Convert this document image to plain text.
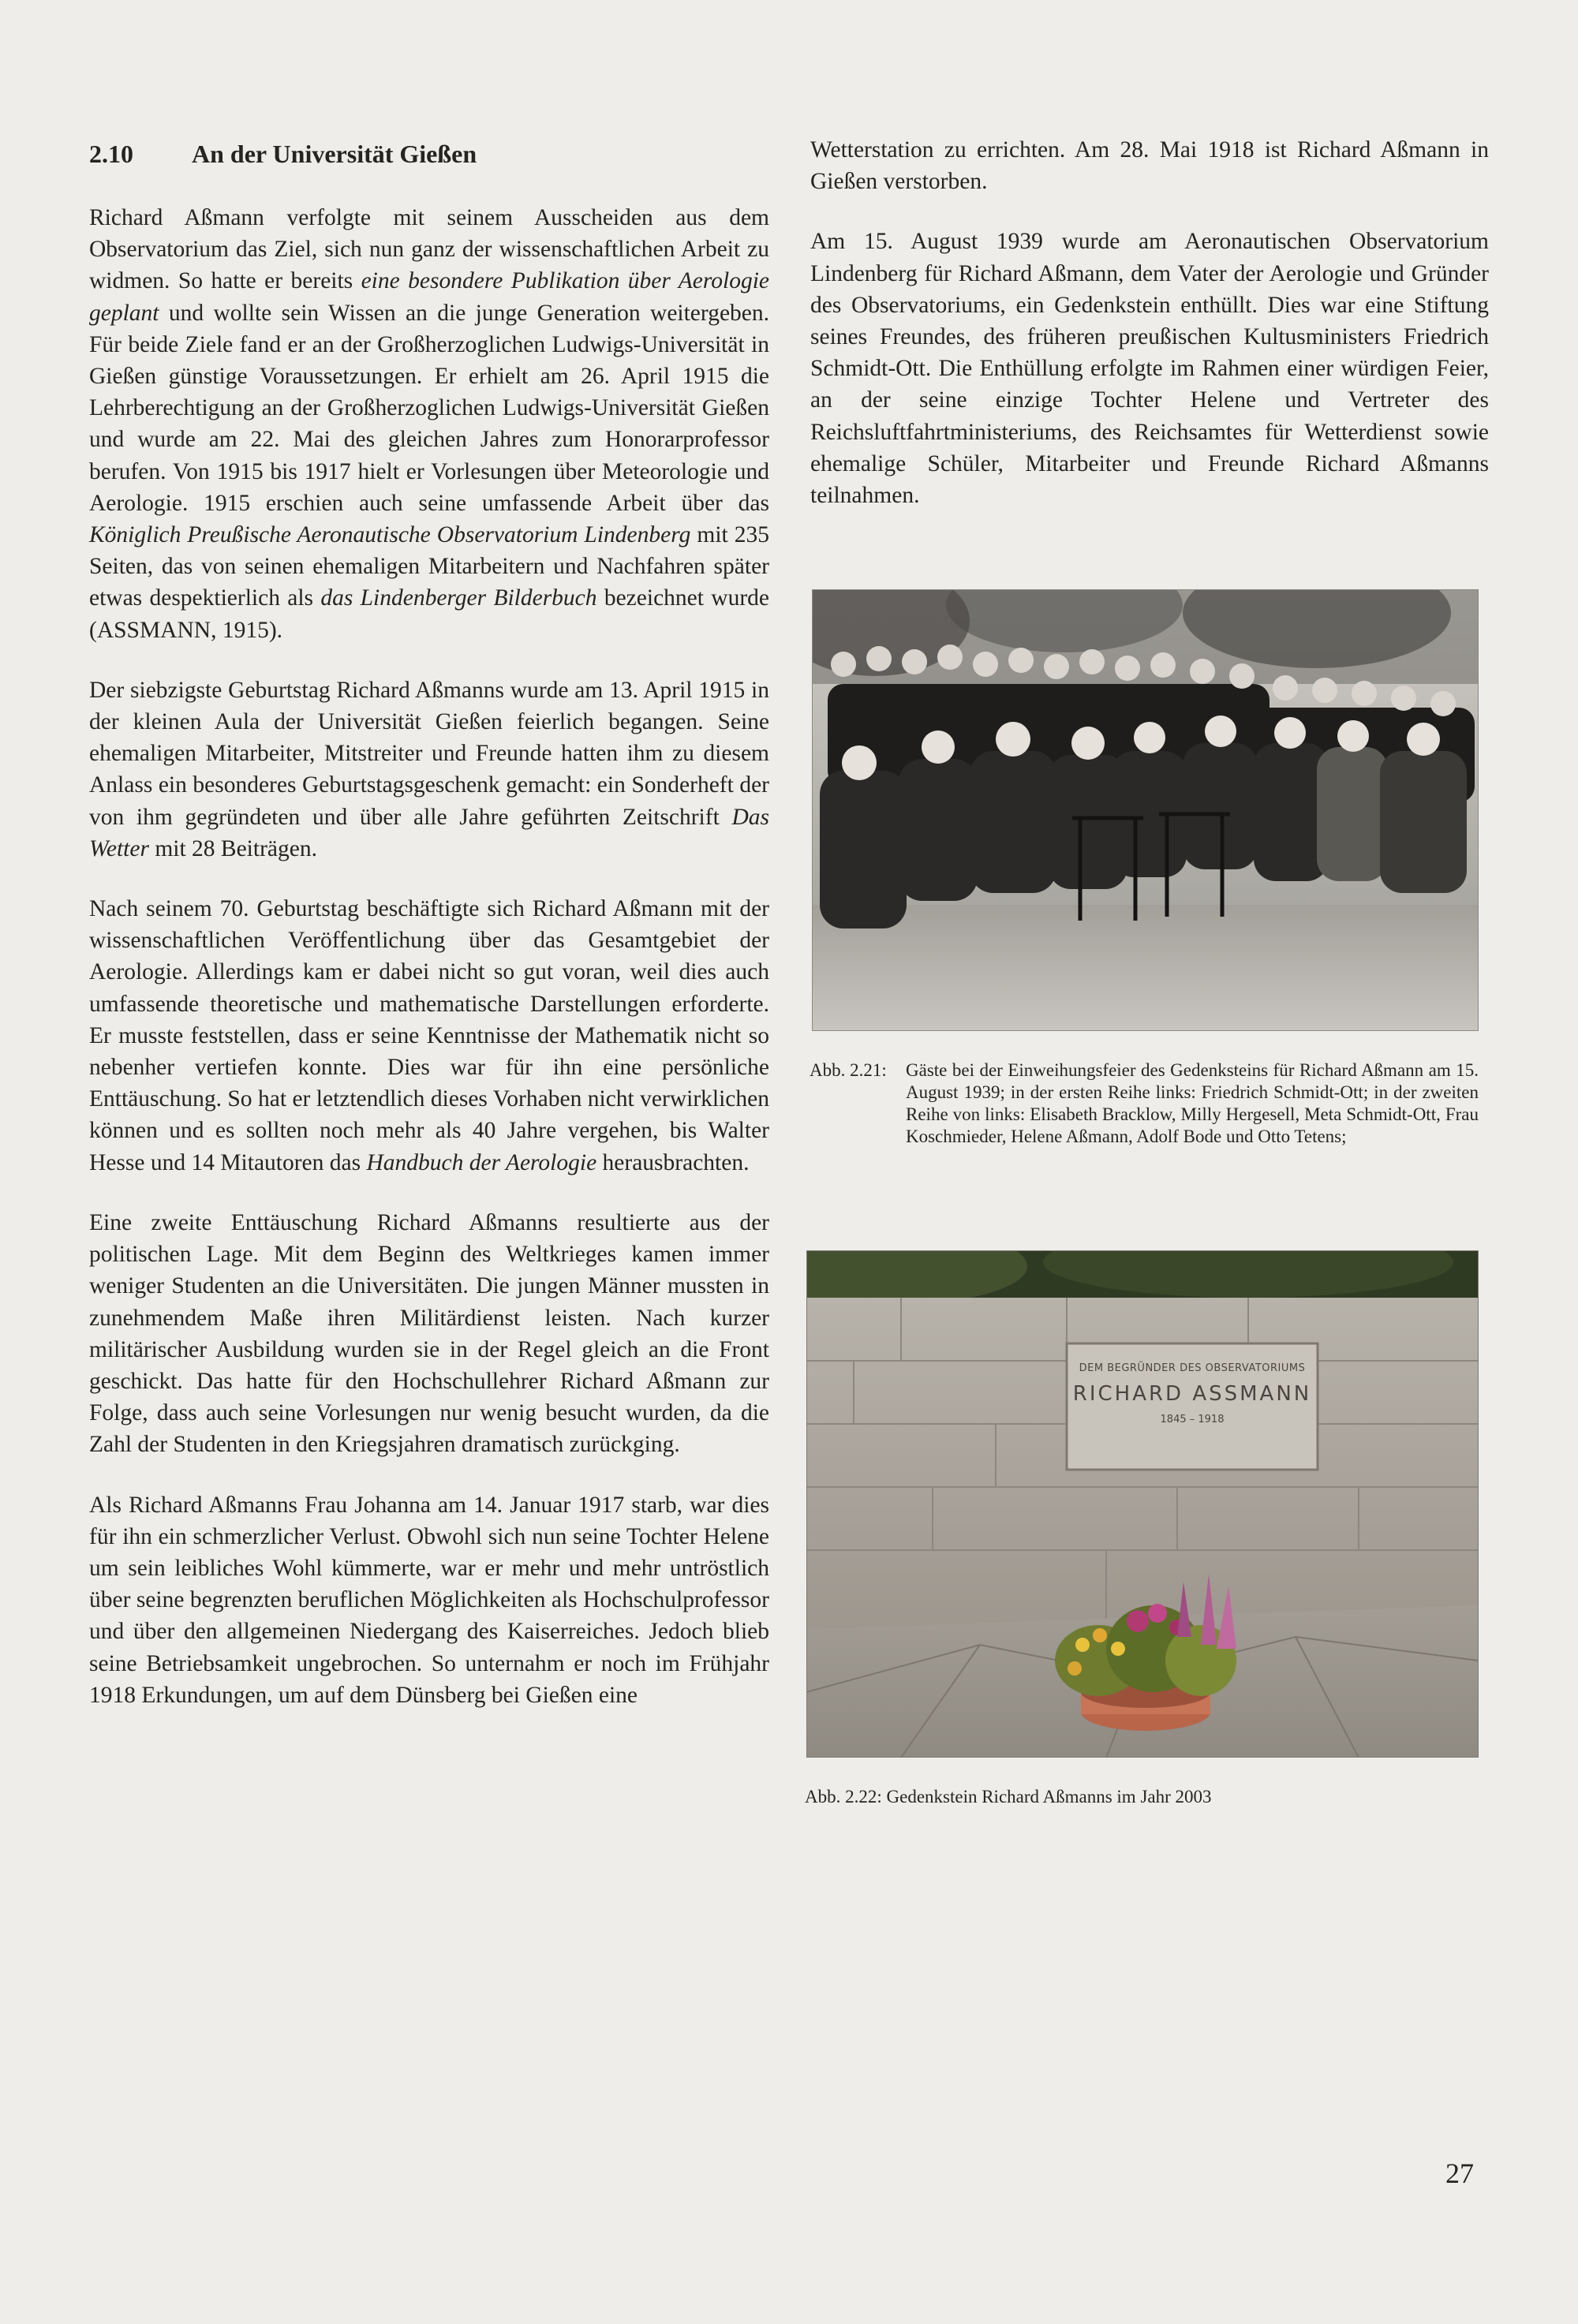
2.10 An der Universität Gießen

Richard Aßmann verfolgte mit seinem Ausscheiden aus dem Observatorium das Ziel, sich nun ganz der wissenschaftlichen Arbeit zu widmen. So hatte er bereits eine besondere Publikation über Aerologie geplant und wollte sein Wissen an die junge Generation weitergeben. Für beide Ziele fand er an der Großherzoglichen Ludwigs-Universität in Gießen günstige Voraussetzungen. Er erhielt am 26. April 1915 die Lehrberechtigung an der Großherzoglichen Ludwigs-Universität Gießen und wurde am 22. Mai des gleichen Jahres zum Honorarprofessor berufen. Von 1915 bis 1917 hielt er Vorlesungen über Meteorologie und Aerologie. 1915 erschien auch seine umfassende Arbeit über das Königlich Preußische Aeronautische Observatorium Lindenberg mit 235 Seiten, das von seinen ehemaligen Mitarbeitern und Nachfahren später etwas despektierlich als das Lindenberger Bilderbuch bezeichnet wurde (ASSMANN, 1915).

Der siebzigste Geburtstag Richard Aßmanns wurde am 13. April 1915 in der kleinen Aula der Universität Gießen feierlich begangen. Seine ehemaligen Mitarbeiter, Mitstreiter und Freunde hatten ihm zu diesem Anlass ein besonderes Geburtstagsgeschenk gemacht: ein Sonderheft der von ihm gegründeten und über alle Jahre geführten Zeitschrift Das Wetter mit 28 Beiträgen.

Nach seinem 70. Geburtstag beschäftigte sich Richard Aßmann mit der wissenschaftlichen Veröffentlichung über das Gesamtgebiet der Aerologie. Allerdings kam er dabei nicht so gut voran, weil dies auch umfassende theoretische und mathematische Darstellungen erforderte. Er musste feststellen, dass er seine Kenntnisse der Mathematik nicht so nebenher vertiefen konnte. Dies war für ihn eine persönliche Enttäuschung. So hat er letztendlich dieses Vorhaben nicht verwirklichen können und es sollten noch mehr als 40 Jahre vergehen, bis Walter Hesse und 14 Mitautoren das Handbuch der Aerologie herausbrachten.

Eine zweite Enttäuschung Richard Aßmanns resultierte aus der politischen Lage. Mit dem Beginn des Weltkrieges kamen immer weniger Studenten an die Universitäten. Die jungen Männer mussten in zunehmendem Maße ihren Militärdienst leisten. Nach kurzer militärischer Ausbildung wurden sie in der Regel gleich an die Front geschickt. Das hatte für den Hochschullehrer Richard Aßmann zur Folge, dass auch seine Vorlesungen nur wenig besucht wurden, da die Zahl der Studenten in den Kriegsjahren dramatisch zurückging.

Als Richard Aßmanns Frau Johanna am 14. Januar 1917 starb, war dies für ihn ein schmerzlicher Verlust. Obwohl sich nun seine Tochter Helene um sein leibliches Wohl kümmerte, war er mehr und mehr untröstlich über seine begrenzten beruflichen Möglichkeiten als Hochschulprofessor und über den allgemeinen Niedergang des Kaiserreiches. Jedoch blieb seine Betriebsamkeit ungebrochen. So unternahm er noch im Frühjahr 1918 Erkundungen, um auf dem Dünsberg bei Gießen eine

Wetterstation zu errichten. Am 28. Mai 1918 ist Richard Aßmann in Gießen verstorben.

Am 15. August 1939 wurde am Aeronautischen Observatorium Lindenberg für Richard Aßmann, dem Vater der Aerologie und Gründer des Observatoriums, ein Gedenkstein enthüllt. Dies war eine Stiftung seines Freundes, des früheren preußischen Kultusministers Friedrich Schmidt-Ott. Die Enthüllung erfolgte im Rahmen einer würdigen Feier, an der seine einzige Tochter Helene und Vertreter des Reichsluftfahrtministeriums, des Reichsamtes für Wetterdienst sowie ehemalige Schüler, Mitarbeiter und Freunde Richard Aßmanns teilnahmen.

Abb. 2.21: Gäste bei der Einweihungsfeier des Gedenksteins für Richard Aßmann am 15. August 1939; in der ersten Reihe links: Friedrich Schmidt-Ott; in der zweiten Reihe von links: Elisabeth Bracklow, Milly Hergesell, Meta Schmidt-Ott, Frau Koschmieder, Helene Aßmann, Adolf Bode und Otto Tetens;
DEM BEGRÜNDER DES OBSERVATORIUMS
RICHARD ASSMANN
1845 – 1918
Abb. 2.22: Gedenkstein Richard Aßmanns im Jahr 2003
27
